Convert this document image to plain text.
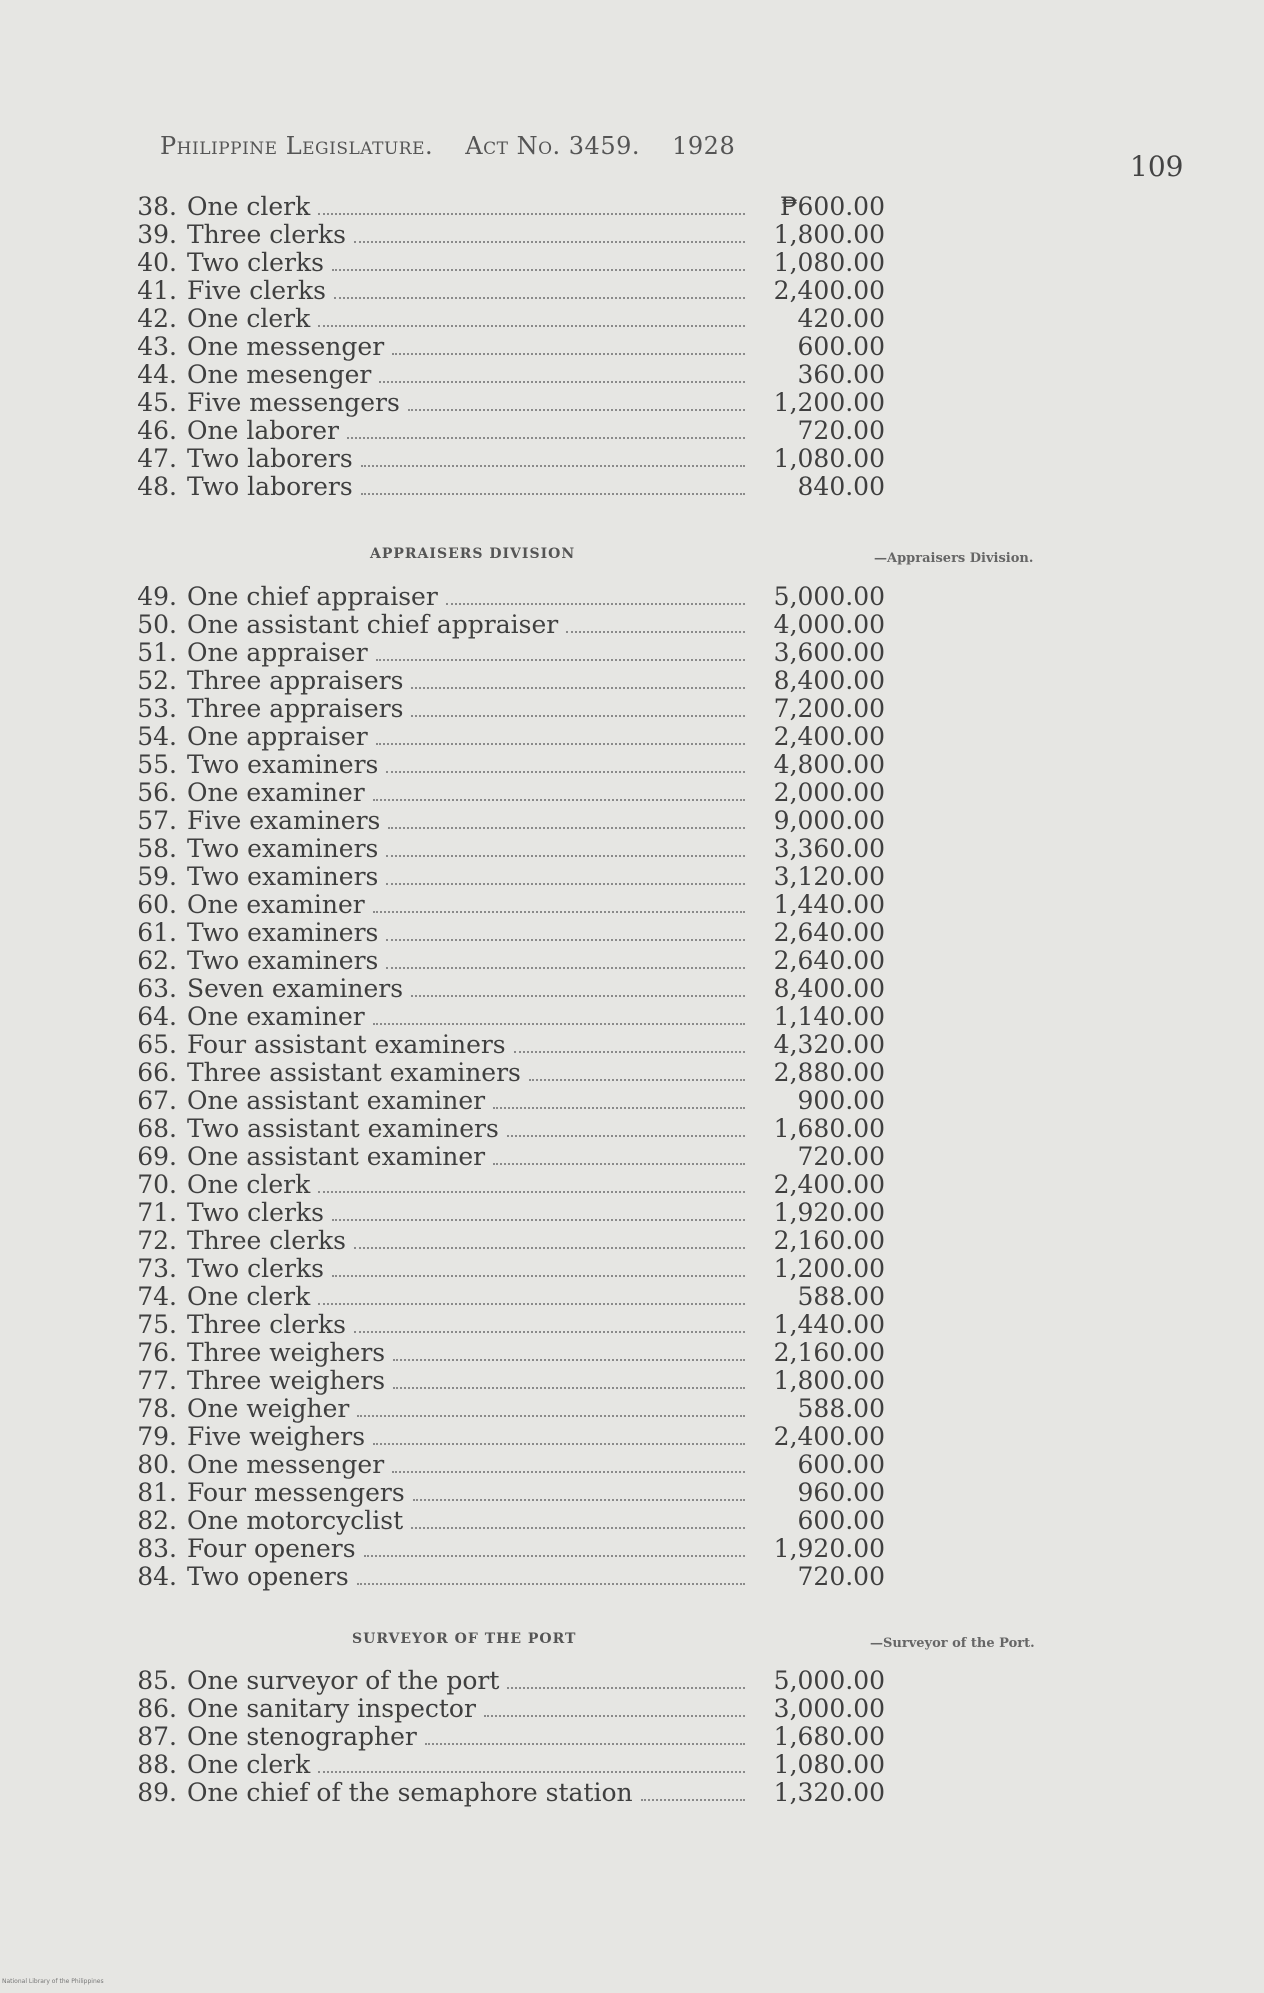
Philippine Legislature. Act No. 3459. 1928
109
38. One clerk	₱600.00
39. Three clerks	1,800.00
40. Two clerks	1,080.00
41. Five clerks	2,400.00
42. One clerk	420.00
43. One messenger	600.00
44. One mesenger	360.00
45. Five messengers	1,200.00
46. One laborer	720.00
47. Two laborers	1,080.00
48. Two laborers	840.00
APPRAISERS DIVISION	—Appraisers Division.
49. One chief appraiser	5,000.00
50. One assistant chief appraiser	4,000.00
51. One appraiser	3,600.00
52. Three appraisers	8,400.00
53. Three appraisers	7,200.00
54. One appraiser	2,400.00
55. Two examiners	4,800.00
56. One examiner	2,000.00
57. Five examiners	9,000.00
58. Two examiners	3,360.00
59. Two examiners	3,120.00
60. One examiner	1,440.00
61. Two examiners	2,640.00
62. Two examiners	2,640.00
63. Seven examiners	8,400.00
64. One examiner	1,140.00
65. Four assistant examiners	4,320.00
66. Three assistant examiners	2,880.00
67. One assistant examiner	900.00
68. Two assistant examiners	1,680.00
69. One assistant examiner	720.00
70. One clerk	2,400.00
71. Two clerks	1,920.00
72. Three clerks	2,160.00
73. Two clerks	1,200.00
74. One clerk	588.00
75. Three clerks	1,440.00
76. Three weighers	2,160.00
77. Three weighers	1,800.00
78. One weigher	588.00
79. Five weighers	2,400.00
80. One messenger	600.00
81. Four messengers	960.00
82. One motorcyclist	600.00
83. Four openers	1,920.00
84. Two openers	720.00
SURVEYOR OF THE PORT	—Surveyor of the Port.
85. One surveyor of the port	5,000.00
86. One sanitary inspector	3,000.00
87. One stenographer	1,680.00
88. One clerk	1,080.00
89. One chief of the semaphore station	1,320.00
National Library of the Philippines
